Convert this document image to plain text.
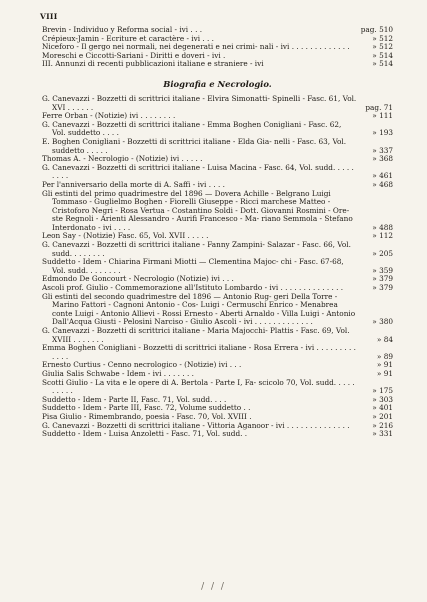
VIII
Brevin - Individuo y Reforma social - ivi . . .	pag. 510
Crépieux-Jamin - Ecriture et caractère - ivi . . .	» 512
Niceforo - Il gergo nei normali, nei degenerati e nei crimi- nali - ivi . . . . . . . . . . . . .	» 512
Moreschi e Ciccotti-Sariani - Diritti e doveri - ivi .	» 514
III. Annunzi di recenti pubblicazioni italiane e straniere - ivi	» 514
Biografia e Necrologio.
G. Canevazzi - Bozzetti di scrittrici italiane - Elvira Simonatti- Spinelli - Fasc. 61, Vol. XVI . . . . . .	pag. 71
Ferre Orban - (Notizie) ivi . . . . . . . .	» 111
G. Canevazzi - Bozzetti di scrittrici italiane - Emma Boghen Conigliani - Fasc. 62, Vol. suddetto . . . .	» 193
E. Boghen Conigliani - Bozzetti di scrittrici italiane - Elda Gia- nelli - Fasc. 63, Vol. suddetto . . . . .	» 337
Thomas A. - Necrologio - (Notizie) ivi . . . . .	» 368
G. Canevazzi - Bozzetti di scrittrici italiane - Luisa Macina - Fasc. 64, Vol. sudd. . . . . . . . .	» 461
Per l'anniversario della morte di A. Saffi - ivi . . . .	» 468
Gli estinti del primo quadrimestre del 1896 — Dovera Achille - Belgrano Luigi Tommaso - Guglielmo Boghen - Fiorelli Giuseppe - Ricci marchese Matteo - Cristoforo Negri - Rosa Vertua - Costantino Soldi - Dott. Giovanni Rosmini - Ore- ste Regnoli - Arienti Alessandro - Aurifi Francesco - Ma- riano Semmola - Stefano Interdonato - ivi . . . .	» 488
Leon Say - (Notizie) Fasc. 65, Vol. XVII . . . . .	» 112
G. Canevazzi - Bozzetti di scrittrici italiane - Fanny Zampini- Salazar - Fasc. 66, Vol. sudd. . . . . . . .	» 205
Suddetto - Idem - Chiarina Firmani Miotti — Clementina Majoc- chi - Fasc. 67-68, Vol. sudd. . . . . . . .	» 359
Edmondo De Goncourt - Necrologio (Notizie) ivi . . .	» 379
Ascoli prof. Giulio - Commemorazione all'Istituto Lombardo - ivi . . . . . . . . . . . . . .	» 379
Gli estinti del secondo quadrimestre del 1896 — Antonio Rug- geri Della Torre - Marino Fattori - Cagnoni Antonio - Cos- Luigi - Cermuschi Enrico - Menabrea conte Luigi - Antonio Allievi - Rossi Ernesto - Aberti Arnaldo - Villa Luigi - Antonio Dall'Acqua Giusti - Pelosini Narciso - Giulio Ascoli - ivi . . . . . . . . . . . . .	» 380
G. Canevazzi - Bozzetti di scrittrici italiane - Maria Majocchi- Plattis - Fasc. 69, Vol. XVIII . . . . . . .	» 84
Emma Boghen Conigliani - Bozzetti di scrittrici italiane - Rosa Errera - ivi . . . . . . . . . . . . .	» 89
Ernesto Curtius - Cenno necrologico - (Notizie) ivi . . .	» 91
Giulia Salis Schwabe - Idem - ivi . . . . . . .	» 91
Scotti Giulio - La vita e le opere di A. Bertola - Parte I, Fa- scicolo 70, Vol. sudd. . . . . . . . . .	» 175
Suddetto - Idem - Parte II, Fasc. 71, Vol. sudd. . . .	» 303
Suddetto - Idem - Parte III, Fasc. 72, Volume suddetto . .	» 401
Pisa Giulio - Rimembrando, poesia - Fasc. 70, Vol. XVIII .	» 201
G. Canevazzi - Bozzetti di scrittrici italiane - Vittoria Aganoor - ivi . . . . . . . . . . . . . .	» 216
Suddetto - Idem - Luisa Anzoletti - Fasc. 71, Vol. sudd. .	» 331
/ / /
